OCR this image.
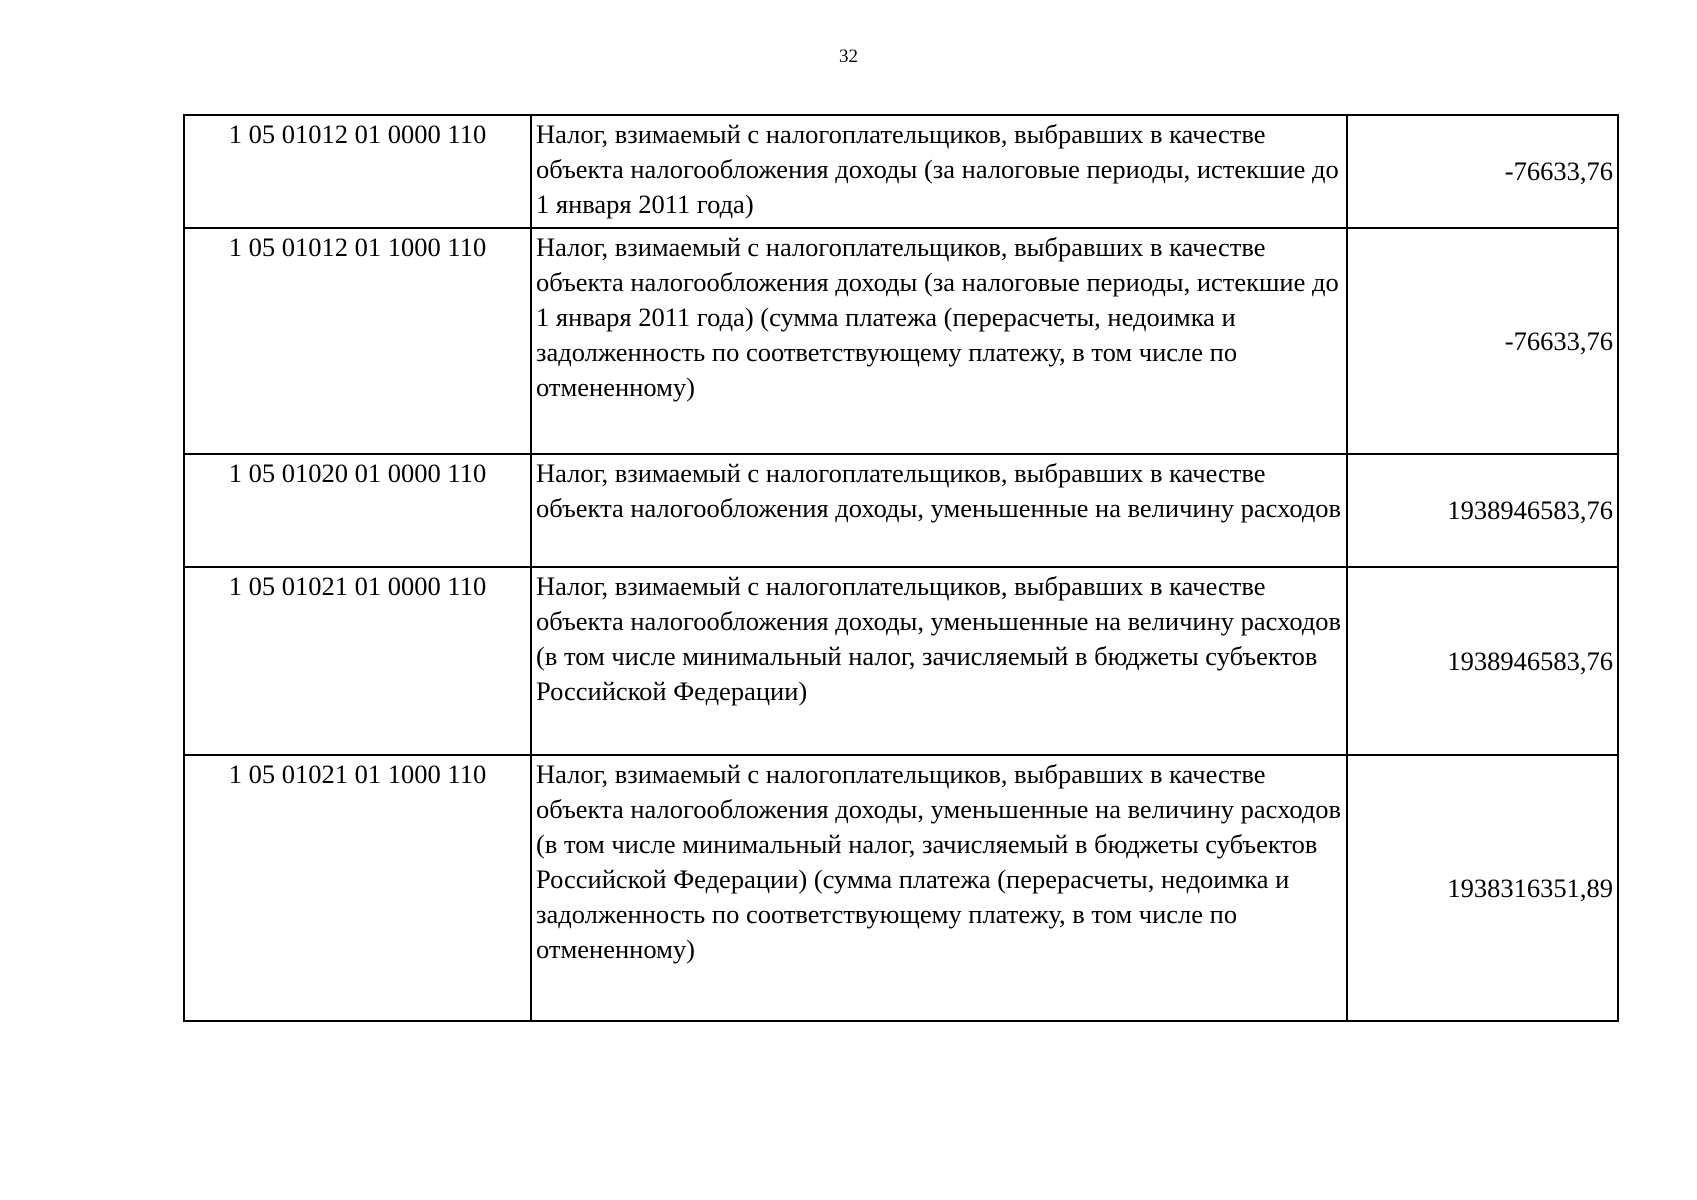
32
1 05 01012 01 0000 110	Налог, взимаемый с налогоплательщиков, выбравших в качестве объекта налогообложения доходы (за налоговые периоды, истекшие до 1 января 2011 года)	-76633,76
1 05 01012 01 1000 110	Налог, взимаемый с налогоплательщиков, выбравших в качестве объекта налогообложения доходы (за налоговые периоды, истекшие до 1 января 2011 года) (сумма платежа (перерасчеты, недоимка и задолженность по соответствующему платежу, в том числе по отмененному)	-76633,76
1 05 01020 01 0000 110	Налог, взимаемый с налогоплательщиков, выбравших в качестве объекта налогообложения доходы, уменьшенные на величину расходов	1938946583,76
1 05 01021 01 0000 110	Налог, взимаемый с налогоплательщиков, выбравших в качестве объекта налогообложения доходы, уменьшенные на величину расходов (в том числе минимальный налог, зачисляемый в бюджеты субъектов Российской Федерации)	1938946583,76
1 05 01021 01 1000 110	Налог, взимаемый с налогоплательщиков, выбравших в качестве объекта налогообложения доходы, уменьшенные на величину расходов (в том числе минимальный налог, зачисляемый в бюджеты субъектов Российской Федерации) (сумма платежа (перерасчеты, недоимка и задолженность по соответствующему платежу, в том числе по отмененному)	1938316351,89
